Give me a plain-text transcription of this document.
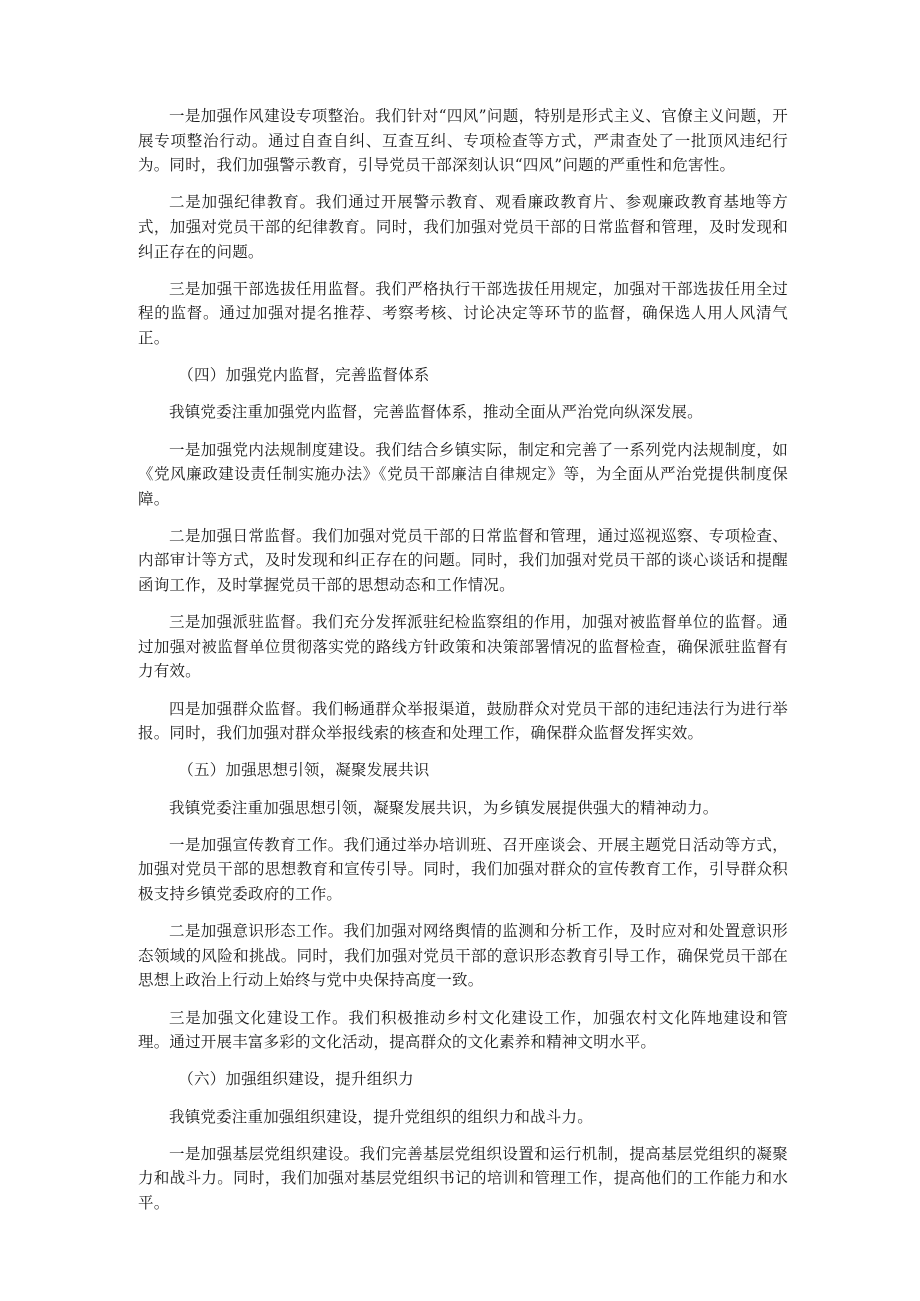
一是加强作风建设专项整治。我们针对“四风”问题，特别是形式主义、官僚主义问题，开展专项整治行动。通过自查自纠、互查互纠、专项检查等方式，严肃查处了一批顶风违纪行为。同时，我们加强警示教育，引导党员干部深刻认识“四风”问题的严重性和危害性。

二是加强纪律教育。我们通过开展警示教育、观看廉政教育片、参观廉政教育基地等方式，加强对党员干部的纪律教育。同时，我们加强对党员干部的日常监督和管理，及时发现和纠正存在的问题。

三是加强干部选拔任用监督。我们严格执行干部选拔任用规定，加强对干部选拔任用全过程的监督。通过加强对提名推荐、考察考核、讨论决定等环节的监督，确保选人用人风清气正。

（四）加强党内监督，完善监督体系

我镇党委注重加强党内监督，完善监督体系，推动全面从严治党向纵深发展。

一是加强党内法规制度建设。我们结合乡镇实际，制定和完善了一系列党内法规制度，如《党风廉政建设责任制实施办法》《党员干部廉洁自律规定》等，为全面从严治党提供制度保障。

二是加强日常监督。我们加强对党员干部的日常监督和管理，通过巡视巡察、专项检查、内部审计等方式，及时发现和纠正存在的问题。同时，我们加强对党员干部的谈心谈话和提醒函询工作，及时掌握党员干部的思想动态和工作情况。

三是加强派驻监督。我们充分发挥派驻纪检监察组的作用，加强对被监督单位的监督。通过加强对被监督单位贯彻落实党的路线方针政策和决策部署情况的监督检查，确保派驻监督有力有效。

四是加强群众监督。我们畅通群众举报渠道，鼓励群众对党员干部的违纪违法行为进行举报。同时，我们加强对群众举报线索的核查和处理工作，确保群众监督发挥实效。

（五）加强思想引领，凝聚发展共识

我镇党委注重加强思想引领，凝聚发展共识，为乡镇发展提供强大的精神动力。

一是加强宣传教育工作。我们通过举办培训班、召开座谈会、开展主题党日活动等方式，加强对党员干部的思想教育和宣传引导。同时，我们加强对群众的宣传教育工作，引导群众积极支持乡镇党委政府的工作。

二是加强意识形态工作。我们加强对网络舆情的监测和分析工作，及时应对和处置意识形态领域的风险和挑战。同时，我们加强对党员干部的意识形态教育引导工作，确保党员干部在思想上政治上行动上始终与党中央保持高度一致。

三是加强文化建设工作。我们积极推动乡村文化建设工作，加强农村文化阵地建设和管理。通过开展丰富多彩的文化活动，提高群众的文化素养和精神文明水平。

（六）加强组织建设，提升组织力

我镇党委注重加强组织建设，提升党组织的组织力和战斗力。

一是加强基层党组织建设。我们完善基层党组织设置和运行机制，提高基层党组织的凝聚力和战斗力。同时，我们加强对基层党组织书记的培训和管理工作，提高他们的工作能力和水平。
